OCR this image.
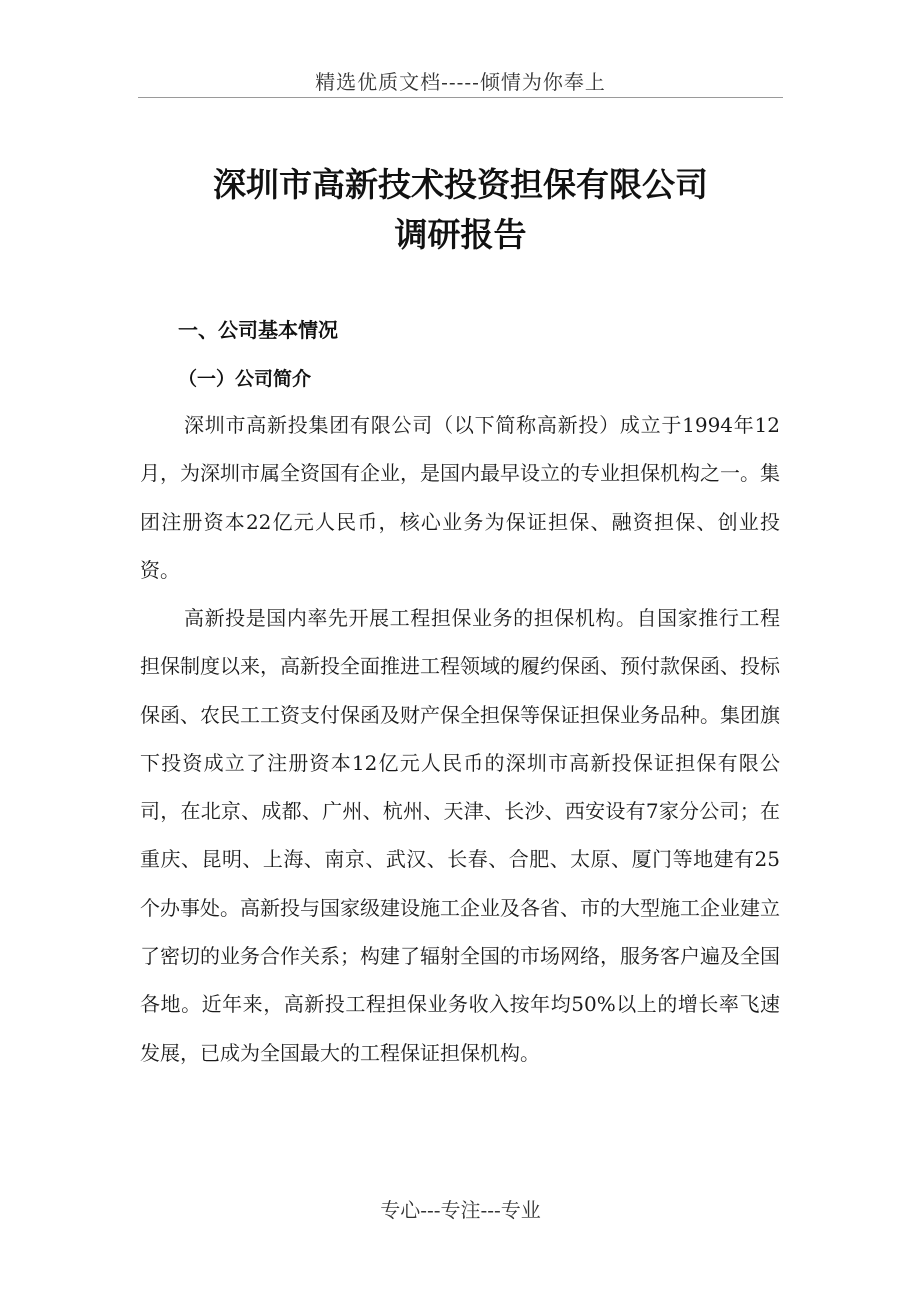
精选优质文档-----倾情为你奉上
深圳市高新技术投资担保有限公司
调研报告
一、公司基本情况
（一）公司简介

深圳市高新投集团有限公司（以下简称高新投）成立于1994年12月，为深圳市属全资国有企业，是国内最早设立的专业担保机构之一。集团注册资本22亿元人民币，核心业务为保证担保、融资担保、创业投资。

高新投是国内率先开展工程担保业务的担保机构。自国家推行工程担保制度以来，高新投全面推进工程领域的履约保函、预付款保函、投标保函、农民工工资支付保函及财产保全担保等保证担保业务品种。集团旗下投资成立了注册资本12亿元人民币的深圳市高新投保证担保有限公司，在北京、成都、广州、杭州、天津、长沙、西安设有7家分公司；在重庆、昆明、上海、南京、武汉、长春、合肥、太原、厦门等地建有25个办事处。高新投与国家级建设施工企业及各省、市的大型施工企业建立了密切的业务合作关系；构建了辐射全国的市场网络，服务客户遍及全国各地。近年来，高新投工程担保业务收入按年均50%以上的增长率飞速发展，已成为全国最大的工程保证担保机构。

专心---专注---专业
